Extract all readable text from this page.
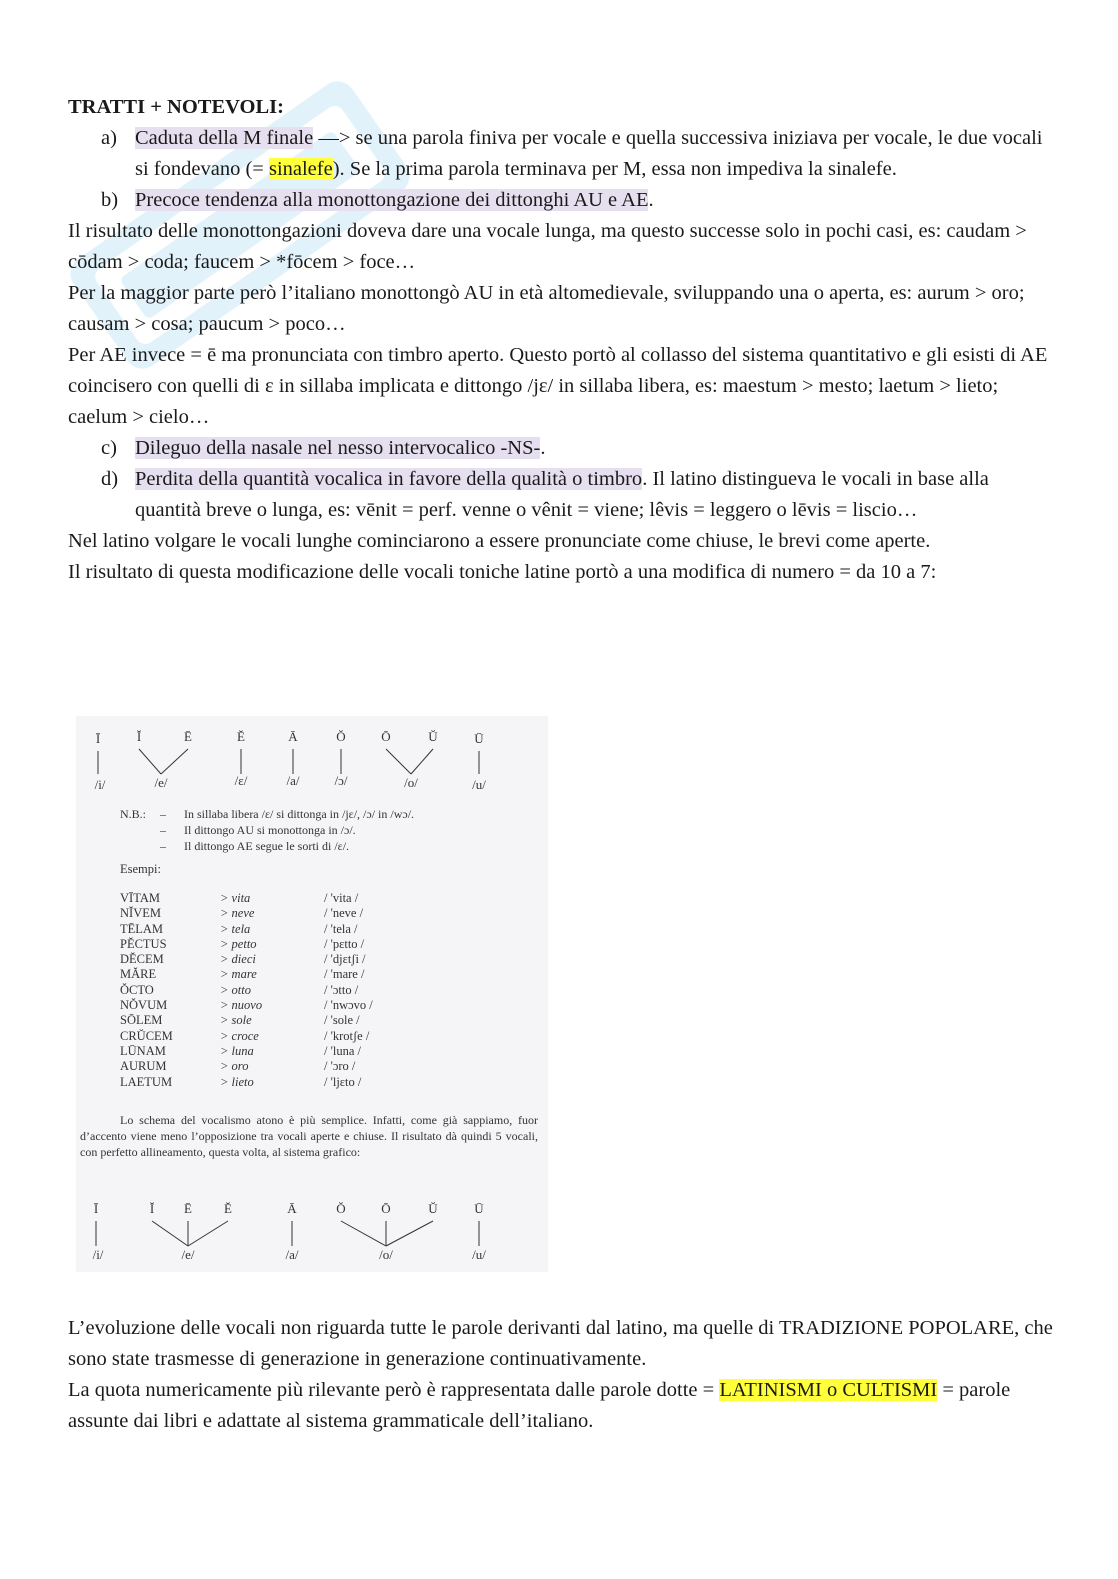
TRATTI + NOTEVOLI:

a) Caduta della M finale —> se una parola finiva per vocale e quella successiva iniziava per vocale, le due vocali si fondevano (= sinalefe). Se la prima parola terminava per M, essa non impediva la sinalefe.

b) Precoce tendenza alla monottongazione dei dittonghi AU e AE.

Il risultato delle monottongazioni doveva dare una vocale lunga, ma questo successe solo in pochi casi, es: caudam > cōdam > coda; faucem > *fōcem > foce…

Per la maggior parte però l’italiano monottongò AU in età altomedievale, sviluppando una o aperta, es: aurum > oro; causam > cosa; paucum > poco…

Per AE invece = ē ma pronunciata con timbro aperto. Questo portò al collasso del sistema quantitativo e gli esisti di AE coincisero con quelli di ɛ in sillaba implicata e dittongo /jɛ/ in sillaba libera, es: maestum > mesto; laetum > lieto; caelum > cielo…

c) Dileguo della nasale nel nesso intervocalico -NS-.

d) Perdita della quantità vocalica in favore della qualità o timbro. Il latino distingueva le vocali in base alla quantità breve o lunga, es: vēnit = perf. venne o vênit = viene; lêvis = leggero o lēvis = liscio…

Nel latino volgare le vocali lunghe cominciarono a essere pronunciate come chiuse, le brevi come aperte.

Il risultato di questa modificazione delle vocali toniche latine portò a una modifica di numero = da 10 a 7:

Ī	Ĭ	Ē	Ĕ	Ā	Ŏ	Ō	Ŭ	Ū
/i/	/e/	/ɛ/	/a/	/ɔ/	/o/	/u/
Ī	Ĭ Ē Ĕ	Ā	Ŏ	Ō	Ŭ	Ū
/i/	/e/	/a/	/o/	/u/
N.B.: – In sillaba libera /ɛ/ si dittonga in /jɛ/, /ɔ/ in /wɔ/.
– Il dittongo AU si monottonga in /ɔ/.
– Il dittongo AE segue le sorti di /ɛ/.
Esempi:
VĪTAM	> vita	/ 'vita /
NĬVEM	> neve	/ 'neve /
TĒLAM	> tela	/ 'tela /
PĔCTUS	> petto	/ 'pɛtto /
DĔCEM	> dieci	/ 'djɛtʃi /
MĂRE	> mare	/ 'mare /
ŎCTO	> otto	/ 'ɔtto /
NŎVUM	> nuovo	/ 'nwɔvo /
SŌLEM	> sole	/ 'sole /
CRŬCEM	> croce	/ 'krotʃe /
LŪNAM	> luna	/ 'luna /
AURUM	> oro	/ 'ɔro /
LAETUM	> lieto	/ 'ljɛto /

Lo schema del vocalismo atono è più semplice. Infatti, come già sappiamo, fuor d’accento viene meno l’opposizione tra vocali aperte e chiuse. Il risultato dà quindi 5 vocali, con perfetto allineamento, questa volta, al sistema grafico:

L’evoluzione delle vocali non riguarda tutte le parole derivanti dal latino, ma quelle di TRADIZIONE POPOLARE, che sono state trasmesse di generazione in generazione continuativamente.

La quota numericamente più rilevante però è rappresentata dalle parole dotte = LATINISMI o CULTISMI = parole assunte dai libri e adattate al sistema grammaticale dell’italiano.
